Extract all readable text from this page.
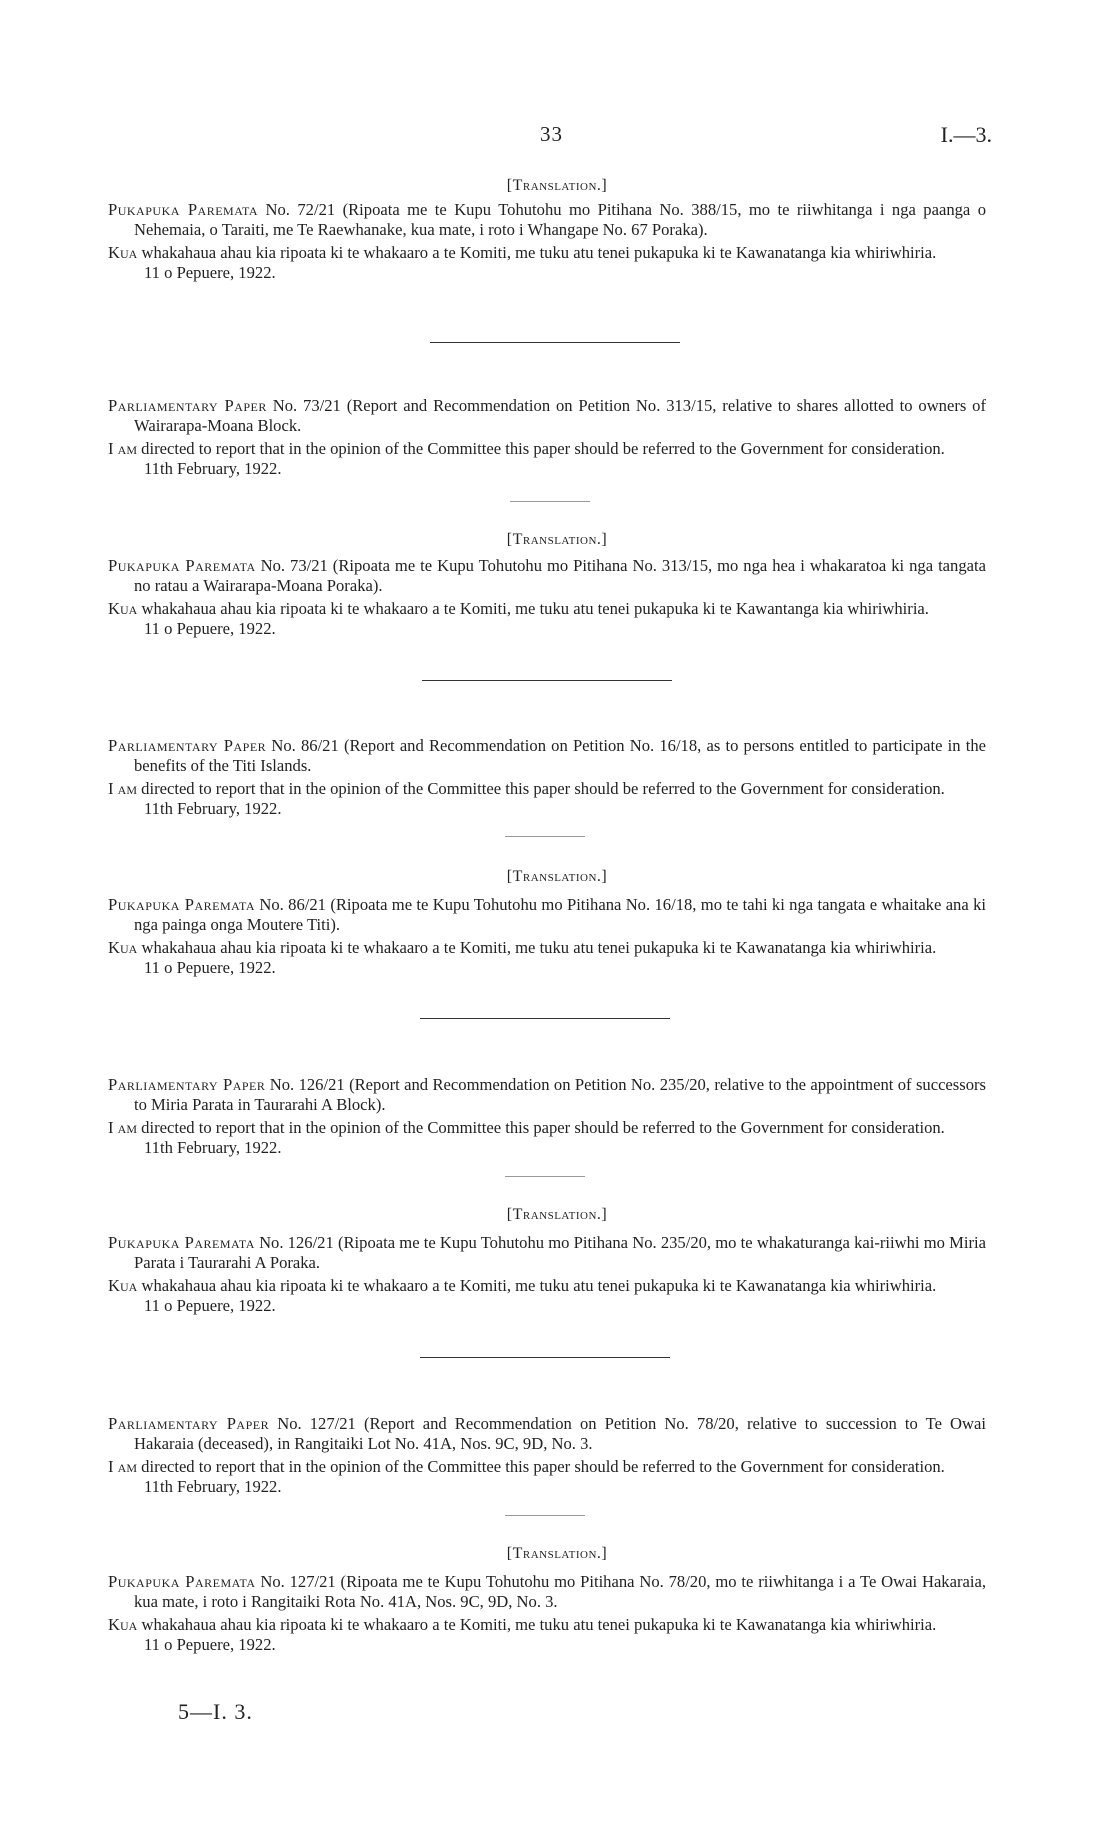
33	I.—3.
[Translation.]

Pukapuka Paremata No. 72/21 (Ripoata me te Kupu Tohutohu mo Pitihana No. 388/15, mo te riiwhitanga i nga paanga o Nehemaia, o Taraiti, me Te Raewhanake, kua mate, i roto i Whangape No. 67 Poraka).

Kua whakahaua ahau kia ripoata ki te whakaaro a te Komiti, me tuku atu tenei pukapuka ki te Kawanatanga kia whiriwhiria.

11 o Pepuere, 1922.

Parliamentary Paper No. 73/21 (Report and Recommendation on Petition No. 313/15, relative to shares allotted to owners of Wairarapa-Moana Block.

I am directed to report that in the opinion of the Committee this paper should be referred to the Government for consideration.

11th February, 1922.

[Translation.]

Pukapuka Paremata No. 73/21 (Ripoata me te Kupu Tohutohu mo Pitihana No. 313/15, mo nga hea i whakaratoa ki nga tangata no ratau a Wairarapa-Moana Poraka).

Kua whakahaua ahau kia ripoata ki te whakaaro a te Komiti, me tuku atu tenei pukapuka ki te Kawantanga kia whiriwhiria.

11 o Pepuere, 1922.

Parliamentary Paper No. 86/21 (Report and Recommendation on Petition No. 16/18, as to persons entitled to participate in the benefits of the Titi Islands.

I am directed to report that in the opinion of the Committee this paper should be referred to the Government for consideration.

11th February, 1922.

[Translation.]

Pukapuka Paremata No. 86/21 (Ripoata me te Kupu Tohutohu mo Pitihana No. 16/18, mo te tahi ki nga tangata e whaitake ana ki nga painga onga Moutere Titi).

Kua whakahaua ahau kia ripoata ki te whakaaro a te Komiti, me tuku atu tenei pukapuka ki te Kawanatanga kia whiriwhiria.

11 o Pepuere, 1922.

Parliamentary Paper No. 126/21 (Report and Recommendation on Petition No. 235/20, relative to the appointment of successors to Miria Parata in Taurarahi A Block).

I am directed to report that in the opinion of the Committee this paper should be referred to the Government for consideration.

11th February, 1922.

[Translation.]

Pukapuka Paremata No. 126/21 (Ripoata me te Kupu Tohutohu mo Pitihana No. 235/20, mo te whakaturanga kai-riiwhi mo Miria Parata i Taurarahi A Poraka.

Kua whakahaua ahau kia ripoata ki te whakaaro a te Komiti, me tuku atu tenei pukapuka ki te Kawanatanga kia whiriwhiria.

11 o Pepuere, 1922.

Parliamentary Paper No. 127/21 (Report and Recommendation on Petition No. 78/20, relative to succession to Te Owai Hakaraia (deceased), in Rangitaiki Lot No. 41A, Nos. 9C, 9D, No. 3.

I am directed to report that in the opinion of the Committee this paper should be referred to the Government for consideration.

11th February, 1922.

[Translation.]

Pukapuka Paremata No. 127/21 (Ripoata me te Kupu Tohutohu mo Pitihana No. 78/20, mo te riiwhitanga i a Te Owai Hakaraia, kua mate, i roto i Rangitaiki Rota No. 41A, Nos. 9C, 9D, No. 3.

Kua whakahaua ahau kia ripoata ki te whakaaro a te Komiti, me tuku atu tenei pukapuka ki te Kawanatanga kia whiriwhiria.

11 o Pepuere, 1922.

5—I. 3.
